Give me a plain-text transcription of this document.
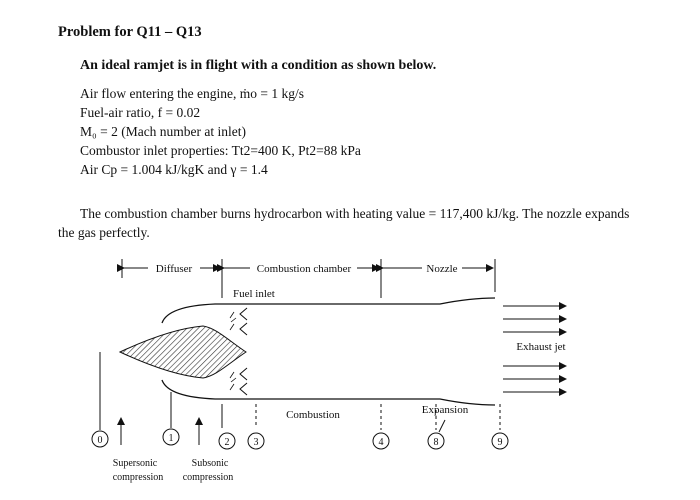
Problem for Q11 – Q13
An ideal ramjet is in flight with a condition as shown below.
Air flow entering the engine, ṁo = 1 kg/s
Fuel-air ratio, f = 0.02
M₀ = 2 (Mach number at inlet)
Combustor inlet properties: Tt2=400 K, Pt2=88 kPa
Air Cp = 1.004 kJ/kgK and γ = 1.4
The combustion chamber burns hydrocarbon with heating value = 117,400 kJ/kg. The nozzle expands the gas perfectly.
Diffuser	Combustion chamber	Nozzle
Fuel inlet
Exhaust jet
Combustion	Expansion
0	1	2 3	4	8	9
Supersonic
compression
Subsonic
compression
